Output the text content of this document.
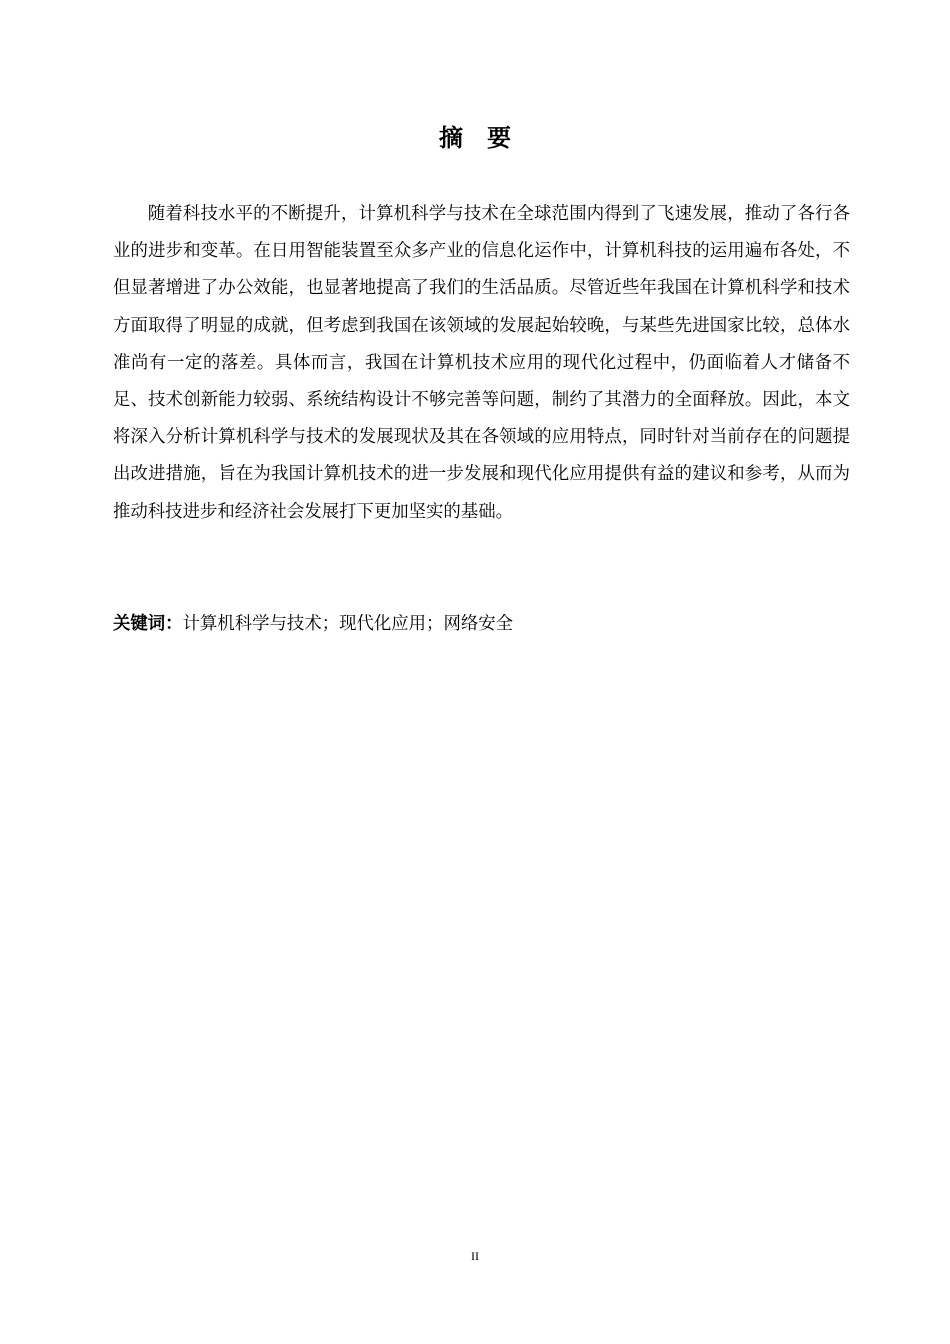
摘要

随着科技水平的不断提升，计算机科学与技术在全球范围内得到了飞速发展，推动了各行各业的进步和变革。在日用智能装置至众多产业的信息化运作中，计算机科技的运用遍布各处，不但显著增进了办公效能，也显著地提高了我们的生活品质。尽管近些年我国在计算机科学和技术方面取得了明显的成就，但考虑到我国在该领域的发展起始较晚，与某些先进国家比较，总体水准尚有一定的落差。具体而言，我国在计算机技术应用的现代化过程中，仍面临着人才储备不足、技术创新能力较弱、系统结构设计不够完善等问题，制约了其潜力的全面释放。因此，本文将深入分析计算机科学与技术的发展现状及其在各领域的应用特点，同时针对当前存在的问题提出改进措施，旨在为我国计算机技术的进一步发展和现代化应用提供有益的建议和参考，从而为推动科技进步和经济社会发展打下更加坚实的基础。

关键词：计算机科学与技术；现代化应用；网络安全
II
